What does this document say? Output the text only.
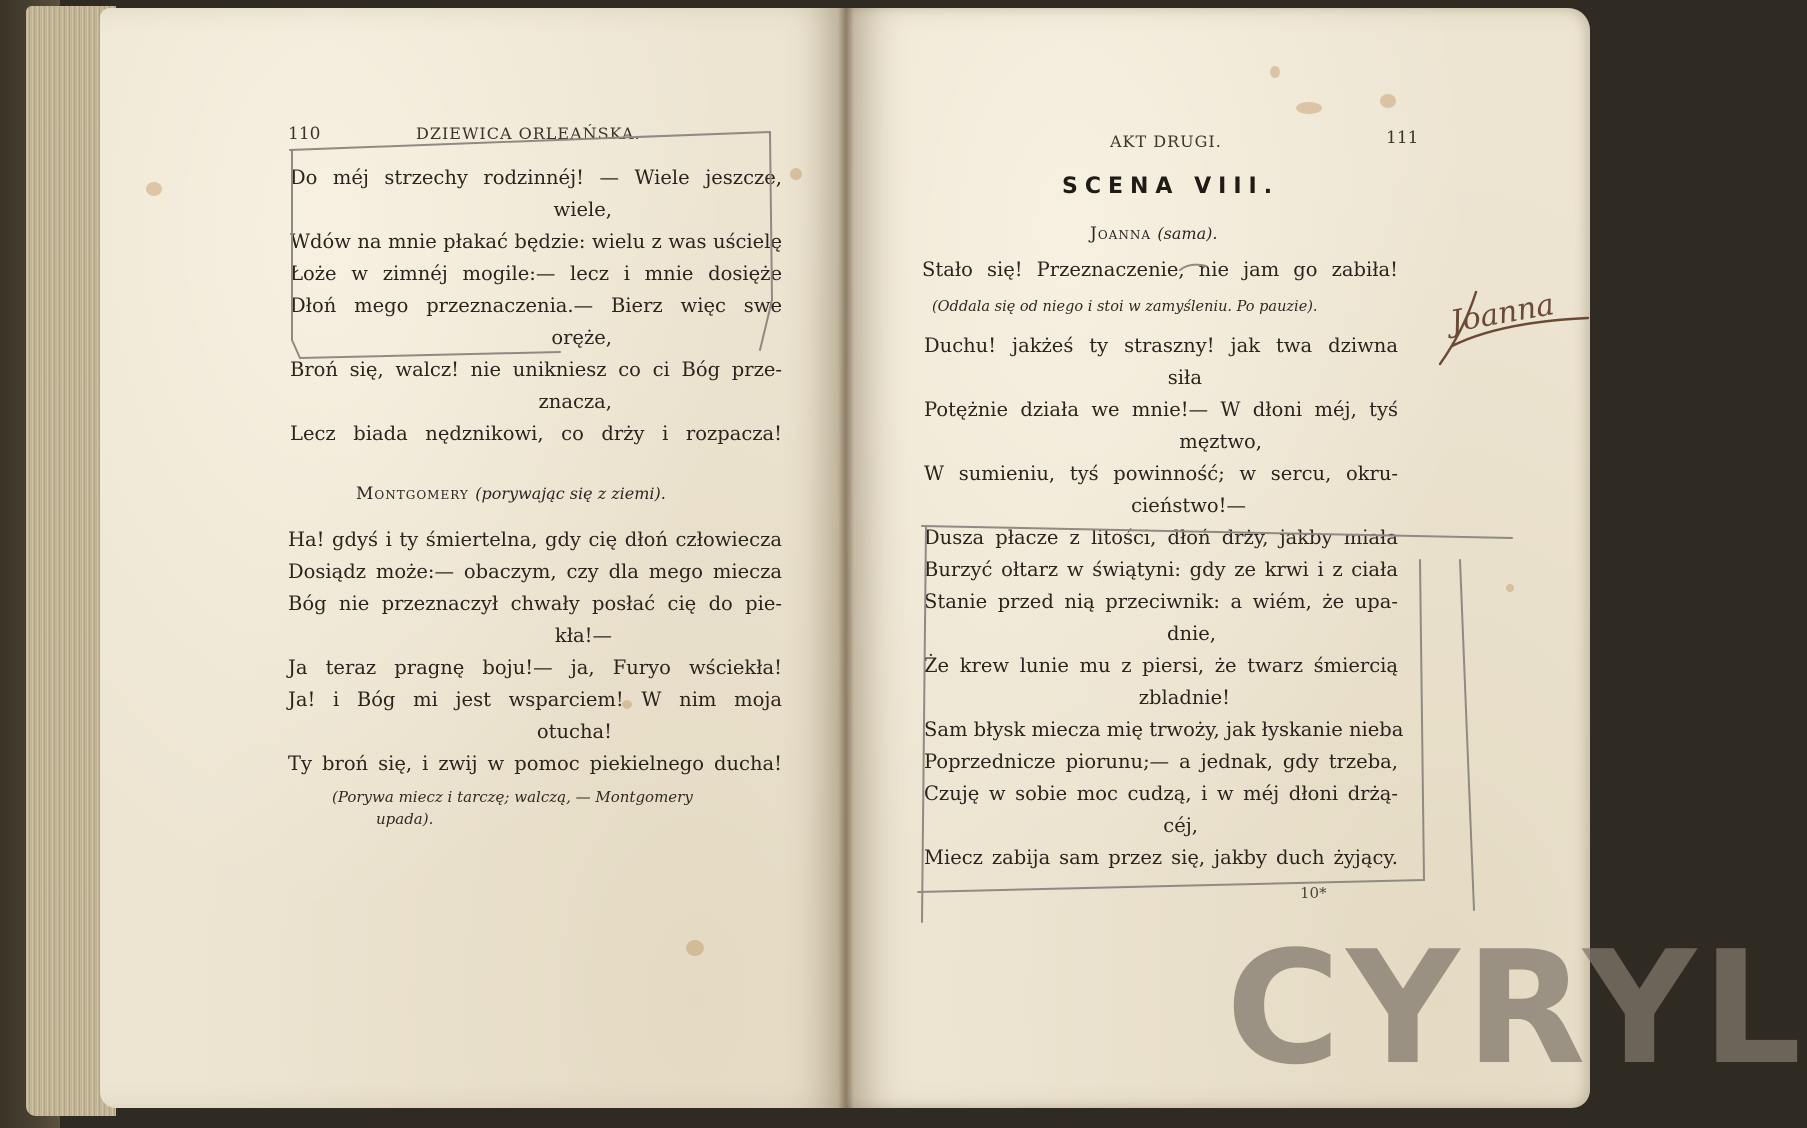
110	DZIEWICA ORLEAŃSKA.
Do méj strzechy rodzinnéj! — Wiele jeszcze,
wiele,
Wdów na mnie płakać będzie: wielu z was uścielę
Łoże w zimnéj mogile:— lecz i mnie dosięże
Dłoń mego przeznaczenia.— Bierz więc swe
oręże,
Broń się, walcz! nie unikniesz co ci Bóg prze-
znacza,
Lecz biada nędznikowi, co drży i rozpacza!
Montgomery (porywając się z ziemi).
Ha! gdyś i ty śmiertelna, gdy cię dłoń człowiecza
Dosiądz może:— obaczym, czy dla mego miecza
Bóg nie przeznaczył chwały posłać cię do pie-
kła!—
Ja teraz pragnę boju!— ja, Furyo wściekła!
Ja! i Bóg mi jest wsparciem! W nim moja
otucha!
Ty broń się, i zwij w pomoc piekielnego ducha!
(Porywa miecz i tarczę; walczą, — Montgomery
upada).
AKT DRUGI.	111
SCENA VIII.
Joanna (sama).
Stało się! Przeznaczenie, nie jam go zabiła!
(Oddala się od niego i stoi w zamyśleniu. Po pauzie).
Duchu! jakżeś ty straszny! jak twa dziwna
siła
Potężnie działa we mnie!— W dłoni méj, tyś
męztwo,
W sumieniu, tyś powinność; w sercu, okru-
cieństwo!—
Dusza płacze z litości, dłoń drży, jakby miała
Burzyć ołtarz w świątyni: gdy ze krwi i z ciała
Stanie przed nią przeciwnik: a wiém, że upa-
dnie,
Że krew lunie mu z piersi, że twarz śmiercią
zbladnie!
Sam błysk miecza mię trwoży, jak łyskanie nieba
Poprzednicze piorunu;— a jednak, gdy trzeba,
Czuję w sobie moc cudzą, i w méj dłoni drżą-
céj,
Miecz zabija sam przez się, jakby duch żyjący.
10*
Joanna
CYRYL
